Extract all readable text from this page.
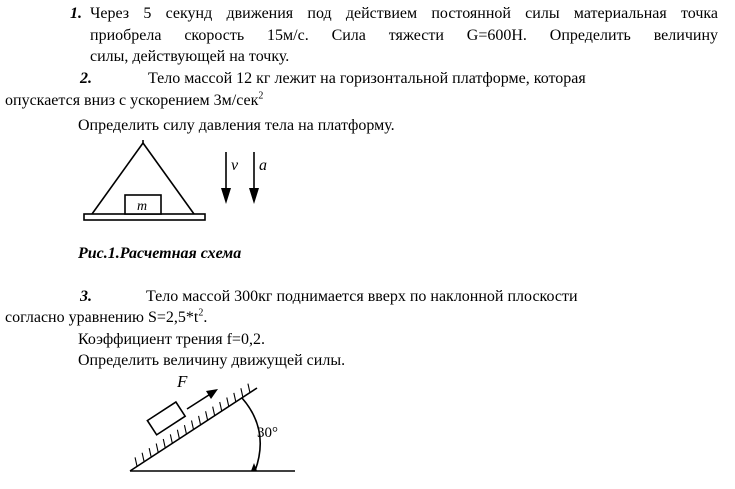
1. Через 5 секунд движения под действием постоянной силы материальная точка
приобрела скорость 15м/с. Сила тяжести G=600H. Определить величину
силы, действующей на точку.
2.	Тело массой 12 кг лежит на горизонтальной платформе, которая
опускается вниз с ускорением 3м/сек$^2$
Определить силу давления тела на платформу.
m
v a
Рис.1.Расчетная схема
3.	Тело массой 300кг поднимается вверх по наклонной плоскости
согласно уравнению $S=2,5*t^2$.
Коэффициент трения f=0,2.
Определить величину движущей силы.
F
30°
